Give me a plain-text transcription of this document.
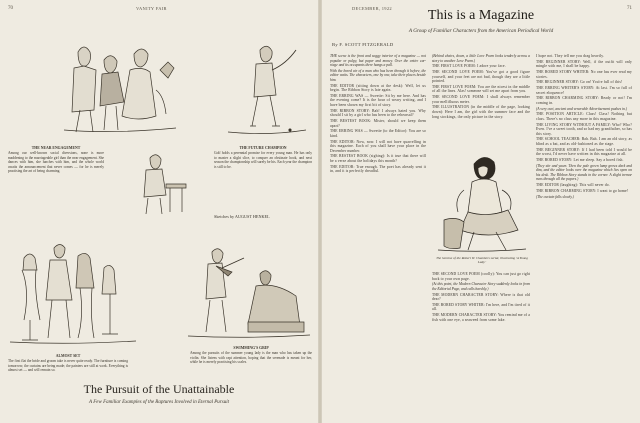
70	VANITY FAIR
THE NEAR ENGAGEMENT
Among our well-known social diversions, none is more maddening to the marriageable girl than the near engagement. She dances with him, she lunches with him, and the whole world awaits the announcement that never comes — for he is merely practising the art of being charming.
THE FUTURE CHAMPION
Golf holds a perennial promise for every young man. He has only to master a slight slice, to conquer an obstinate hook, and next season the championship will surely be his. Each year the champion is still to be.
Sketches by AUGUST HENKEL
ALMOST SET
The first flat the bride and groom take is never quite ready. The furniture is coming tomorrow; the curtains are being made; the painters are still at work. Everything is almost set — and will remain so.
SWIMMING'S GRIP
Among the pursuits of the summer young lady is the man who has taken up the violin. She listens with rapt attention, hoping that the serenade is meant for her, while he is merely practising his scales.
The Pursuit of the Unattainable
A Few Familiar Examples of the Raptures Involved in Eternal Pursuit
DECEMBER, 1922	71
This is a Magazine
A Group of Familiar Characters from the American Periodical World
By F. SCOTT FITZGERALD

THE scene is the front and soggy interior of a magazine — not popular or pulpy, but paper and money. Over the entire car-riage and its occupants there hangs a pall.

With the bored air of a man who has been through it before, the editor waits. The characters, one by one, take their places beside him.

THE EDITOR (sitting down at the desk): Well, let us begin. The Ribbon Story is late again.

THE ERRING WAS — Sweetie: Sit by me here. And has the evening come? It is the hour of weary writing, and I have been shown my first bit of story.

THE RIBBON STORY: Bah! I always hated you. Why should I sit by a girl who has been to the rehearsal?

THE BESTEST BOOK: Mister, should we keep them apart?

THE ERRING WAS — Sweetie (to the Editor): You are so kind.

THE EDITOR: Now, now. I will not have quarrelling in this magazine. Each of you shall have your place in the December number.

THE BESTEST BOOK (sighing): Is it true that there will be a verse about the holidays this month?

THE EDITOR: True enough. The poet has already sent it in, and it is perfectly dreadful.

(Behind chairs, down, a little Love Poem looks tenderly across a story to another Love Poem.)

THE FIRST LOVE POEM: I adore your face.

THE SECOND LOVE POEM: You've got a good figure yourself, and your feet are not bad, though they are a little pointed.

THE FIRST LOVE POEM: You are the nicest in the middle of all the lines. Alas! someone will set me apart from you.

THE SECOND LOVE POEM: I shall always remember your mellifluous meter.

THE ILLUSTRATION (in the middle of the page, looking down): Here I am, the girl with the summer face and the long stockings, the only picture in the story.

The heroine of the Robert W. Chambers serial, illustrating 'A Young Lady.'

THE SECOND LOVE POEM (coolly): You can just go right back to your own page.

(At this point, the Modern Character Story suddenly looks in from the Editorial Page, and calls harshly.)

THE MODERN CHARACTER STORY: Where is that old dear?

THE BORED STORY WHITER: I'm here, and I'm tired of it all.

THE MODERN CHARACTER STORY: You remind me of a fish with one eye, a seaweed from some lake.

I hope not. They tell me you drag heavily.

THE BEGINNER STORY: Well, if the outfit will only mingle with me, I shall be happy.

THE BORED STORY WHITER: No one has ever read my stories.

THE BEGINNER STORY: Go on! You're full of this!

THE ERRING WHITER'S STORY: At last. I'm so full of secret eloquence!

THE RIBBON CHARMING STORY: Ready or not! I'm coming in.

(A very curt, ancient and venerable Advertisement pushes in.)

THE POSITION ARTICLE: Class! Class! Nothing but class. There's no class any more in this magazine.

THE LIVING STORY WITHOUT A FAMILY: Who? Who? Even. I've a sweet tooth, and so had my grandfather, so has this story.

THE SCHOOL TEACHER: Bah. Bah. I am an old story, as blind as a bat, and as old-fashioned as the stage.

THE BEGINNER STORY: If I had been told I would be the worst, I'd never have written in this magazine at all.

THE BORED STORY: Let me sleep. Say a bored fish.

(They stir and yawn. Then the pale green lamp grows dark and dim, and the editor looks over the magazine which lies open on his desk. The Ribbon Story stands in the corner. A slight tremor runs through all the papers.)

THE EDITOR (laughing): This will never do.

THE RIBBON CHARMING STORY: I want to go home!

(The curtain falls slowly.)
